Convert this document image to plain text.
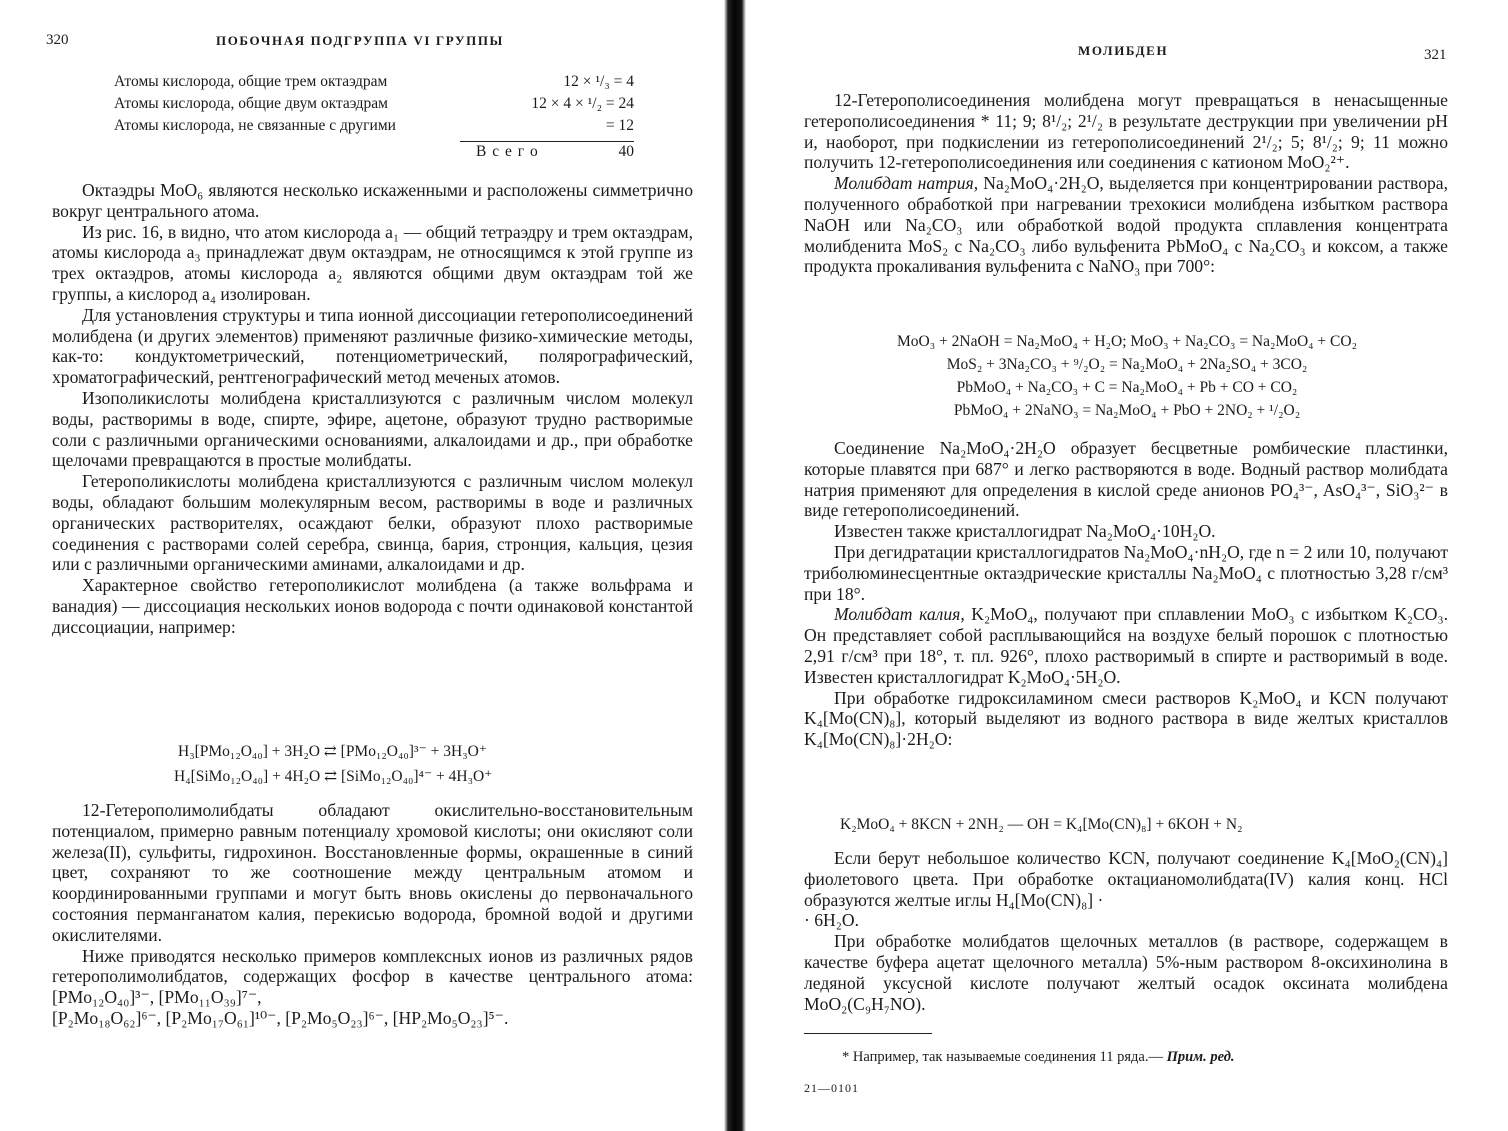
320	ПОБОЧНАЯ ПОДГРУППА VI ГРУППЫ
Атомы кислорода, общие трем октаэдрам	12 × ¹/₃ = 4
Атомы кислорода, общие двум октаэдрам	12 × 4 × ¹/₂ = 24
Атомы кислорода, не связанные с другими	= 12
В с е г о	40

Октаэдры MoO₆ являются несколько искаженными и расположены симметрично вокруг центрального атома.

Из рис. 16, в видно, что атом кислорода a₁ — общий тетраэдру и трем октаэдрам, атомы кислорода a₃ принадлежат двум октаэдрам, не относящимся к этой группе из трех октаэдров, атомы кислорода a₂ являются общими двум октаэдрам той же группы, а кислород a₄ изолирован.

Для установления структуры и типа ионной диссоциации гетерополисоединений молибдена (и других элементов) применяют различные физико-химические методы, как-то: кондуктометрический, потенциометрический, полярографический, хроматографический, рентгенографический метод меченых атомов.

Изополикислоты молибдена кристаллизуются с различным числом молекул воды, растворимы в воде, спирте, эфире, ацетоне, образуют трудно растворимые соли с различными органическими основаниями, алкалоидами и др., при обработке щелочами превращаются в простые молибдаты.

Гетерополикислоты молибдена кристаллизуются с различным числом молекул воды, обладают большим молекулярным весом, растворимы в воде и различных органических растворителях, осаждают белки, образуют плохо растворимые соединения с растворами солей серебра, свинца, бария, стронция, кальция, цезия или с различными органическими аминами, алкалоидами и др.

Характерное свойство гетерополикислот молибдена (а также вольфрама и ванадия) — диссоциация нескольких ионов водорода с почти одинаковой константой диссоциации, например:

H₃[PMo₁₂O₄₀] + 3H₂O ⇄ [PMo₁₂O₄₀]³⁻ + 3H₃O⁺
H₄[SiMo₁₂O₄₀] + 4H₂O ⇄ [SiMo₁₂O₄₀]⁴⁻ + 4H₃O⁺

12-Гетерополимолибдаты обладают окислительно-восстановительным потенциалом, примерно равным потенциалу хромовой кислоты; они окисляют соли железа(II), сульфиты, гидрохинон. Восстановленные формы, окрашенные в синий цвет, сохраняют то же соотношение между центральным атомом и координированными группами и могут быть вновь окислены до первоначального состояния перманганатом калия, перекисью водорода, бромной водой и другими окислителями.

Ниже приводятся несколько примеров комплексных ионов из различных рядов гетерополимолибдатов, содержащих фосфор в качестве центрального атома: [PMo₁₂O₄₀]³⁻, [PMo₁₁O₃₉]⁷⁻,

[P₂Mo₁₈O₆₂]⁶⁻, [P₂Mo₁₇O₆₁]¹⁰⁻, [P₂Mo₅O₂₃]⁶⁻, [HP₂Mo₅O₂₃]⁵⁻.

МОЛИБДЕН	321

12-Гетерополисоединения молибдена могут превращаться в ненасыщенные гетерополисоединения * 11; 9; 8¹/₂; 2¹/₂ в результате деструкции при увеличении pH и, наоборот, при подкислении из гетерополисоединений 2¹/₂; 5; 8¹/₂; 9; 11 можно получить 12-гетерополисоединения или соединения с катионом MoO₂²⁺.

Молибдат натрия, Na₂MoO₄·2H₂O, выделяется при концентрировании раствора, полученного обработкой при нагревании трехокиси молибдена избытком раствора NaOH или Na₂CO₃ или обработкой водой продукта сплавления концентрата молибденита MoS₂ с Na₂CO₃ либо вульфенита PbMoO₄ с Na₂CO₃ и коксом, а также продукта прокаливания вульфенита с NaNO₃ при 700°:

MoO₃ + 2NaOH = Na₂MoO₄ + H₂O; MoO₃ + Na₂CO₃ = Na₂MoO₄ + CO₂
MoS₂ + 3Na₂CO₃ + ⁹/₂O₂ = Na₂MoO₄ + 2Na₂SO₄ + 3CO₂
PbMoO₄ + Na₂CO₃ + C = Na₂MoO₄ + Pb + CO + CO₂
PbMoO₄ + 2NaNO₃ = Na₂MoO₄ + PbO + 2NO₂ + ¹/₂O₂

Соединение Na₂MoO₄·2H₂O образует бесцветные ромбические пластинки, которые плавятся при 687° и легко растворяются в воде. Водный раствор молибдата натрия применяют для определения в кислой среде анионов PO₄³⁻, AsO₄³⁻, SiO₃²⁻ в виде гетерополисоединений.

Известен также кристаллогидрат Na₂MoO₄·10H₂O.

При дегидратации кристаллогидратов Na₂MoO₄·nH₂O, где n = 2 или 10, получают триболюминесцентные октаэдрические кристаллы Na₂MoO₄ с плотностью 3,28 г/см³ при 18°.

Молибдат калия, K₂MoO₄, получают при сплавлении MoO₃ с избытком K₂CO₃. Он представляет собой расплывающийся на воздухе белый порошок с плотностью 2,91 г/см³ при 18°, т. пл. 926°, плохо растворимый в спирте и растворимый в воде. Известен кристаллогидрат K₂MoO₄·5H₂O.

При обработке гидроксиламином смеси растворов K₂MoO₄ и KCN получают K₄[Mo(CN)₈], который выделяют из водного раствора в виде желтых кристаллов K₄[Mo(CN)₈]·2H₂O:

K₂MoO₄ + 8KCN + 2NH₂ — OH = K₄[Mo(CN)₈] + 6KOH + N₂

Если берут небольшое количество KCN, получают соединение K₄[MoO₂(CN)₄] фиолетового цвета. При обработке октацианомолибдата(IV) калия конц. HCl образуются желтые иглы H₄[Mo(CN)₈] ·

· 6H₂O.

При обработке молибдатов щелочных металлов (в растворе, содержащем в качестве буфера ацетат щелочного металла) 5%-ным раствором 8-оксихинолина в ледяной уксусной кислоте получают желтый осадок оксината молибдена MoO₂(C₉H₇NO).

* Например, так называемые соединения 11 ряда.— Прим. ред.
21—0101
